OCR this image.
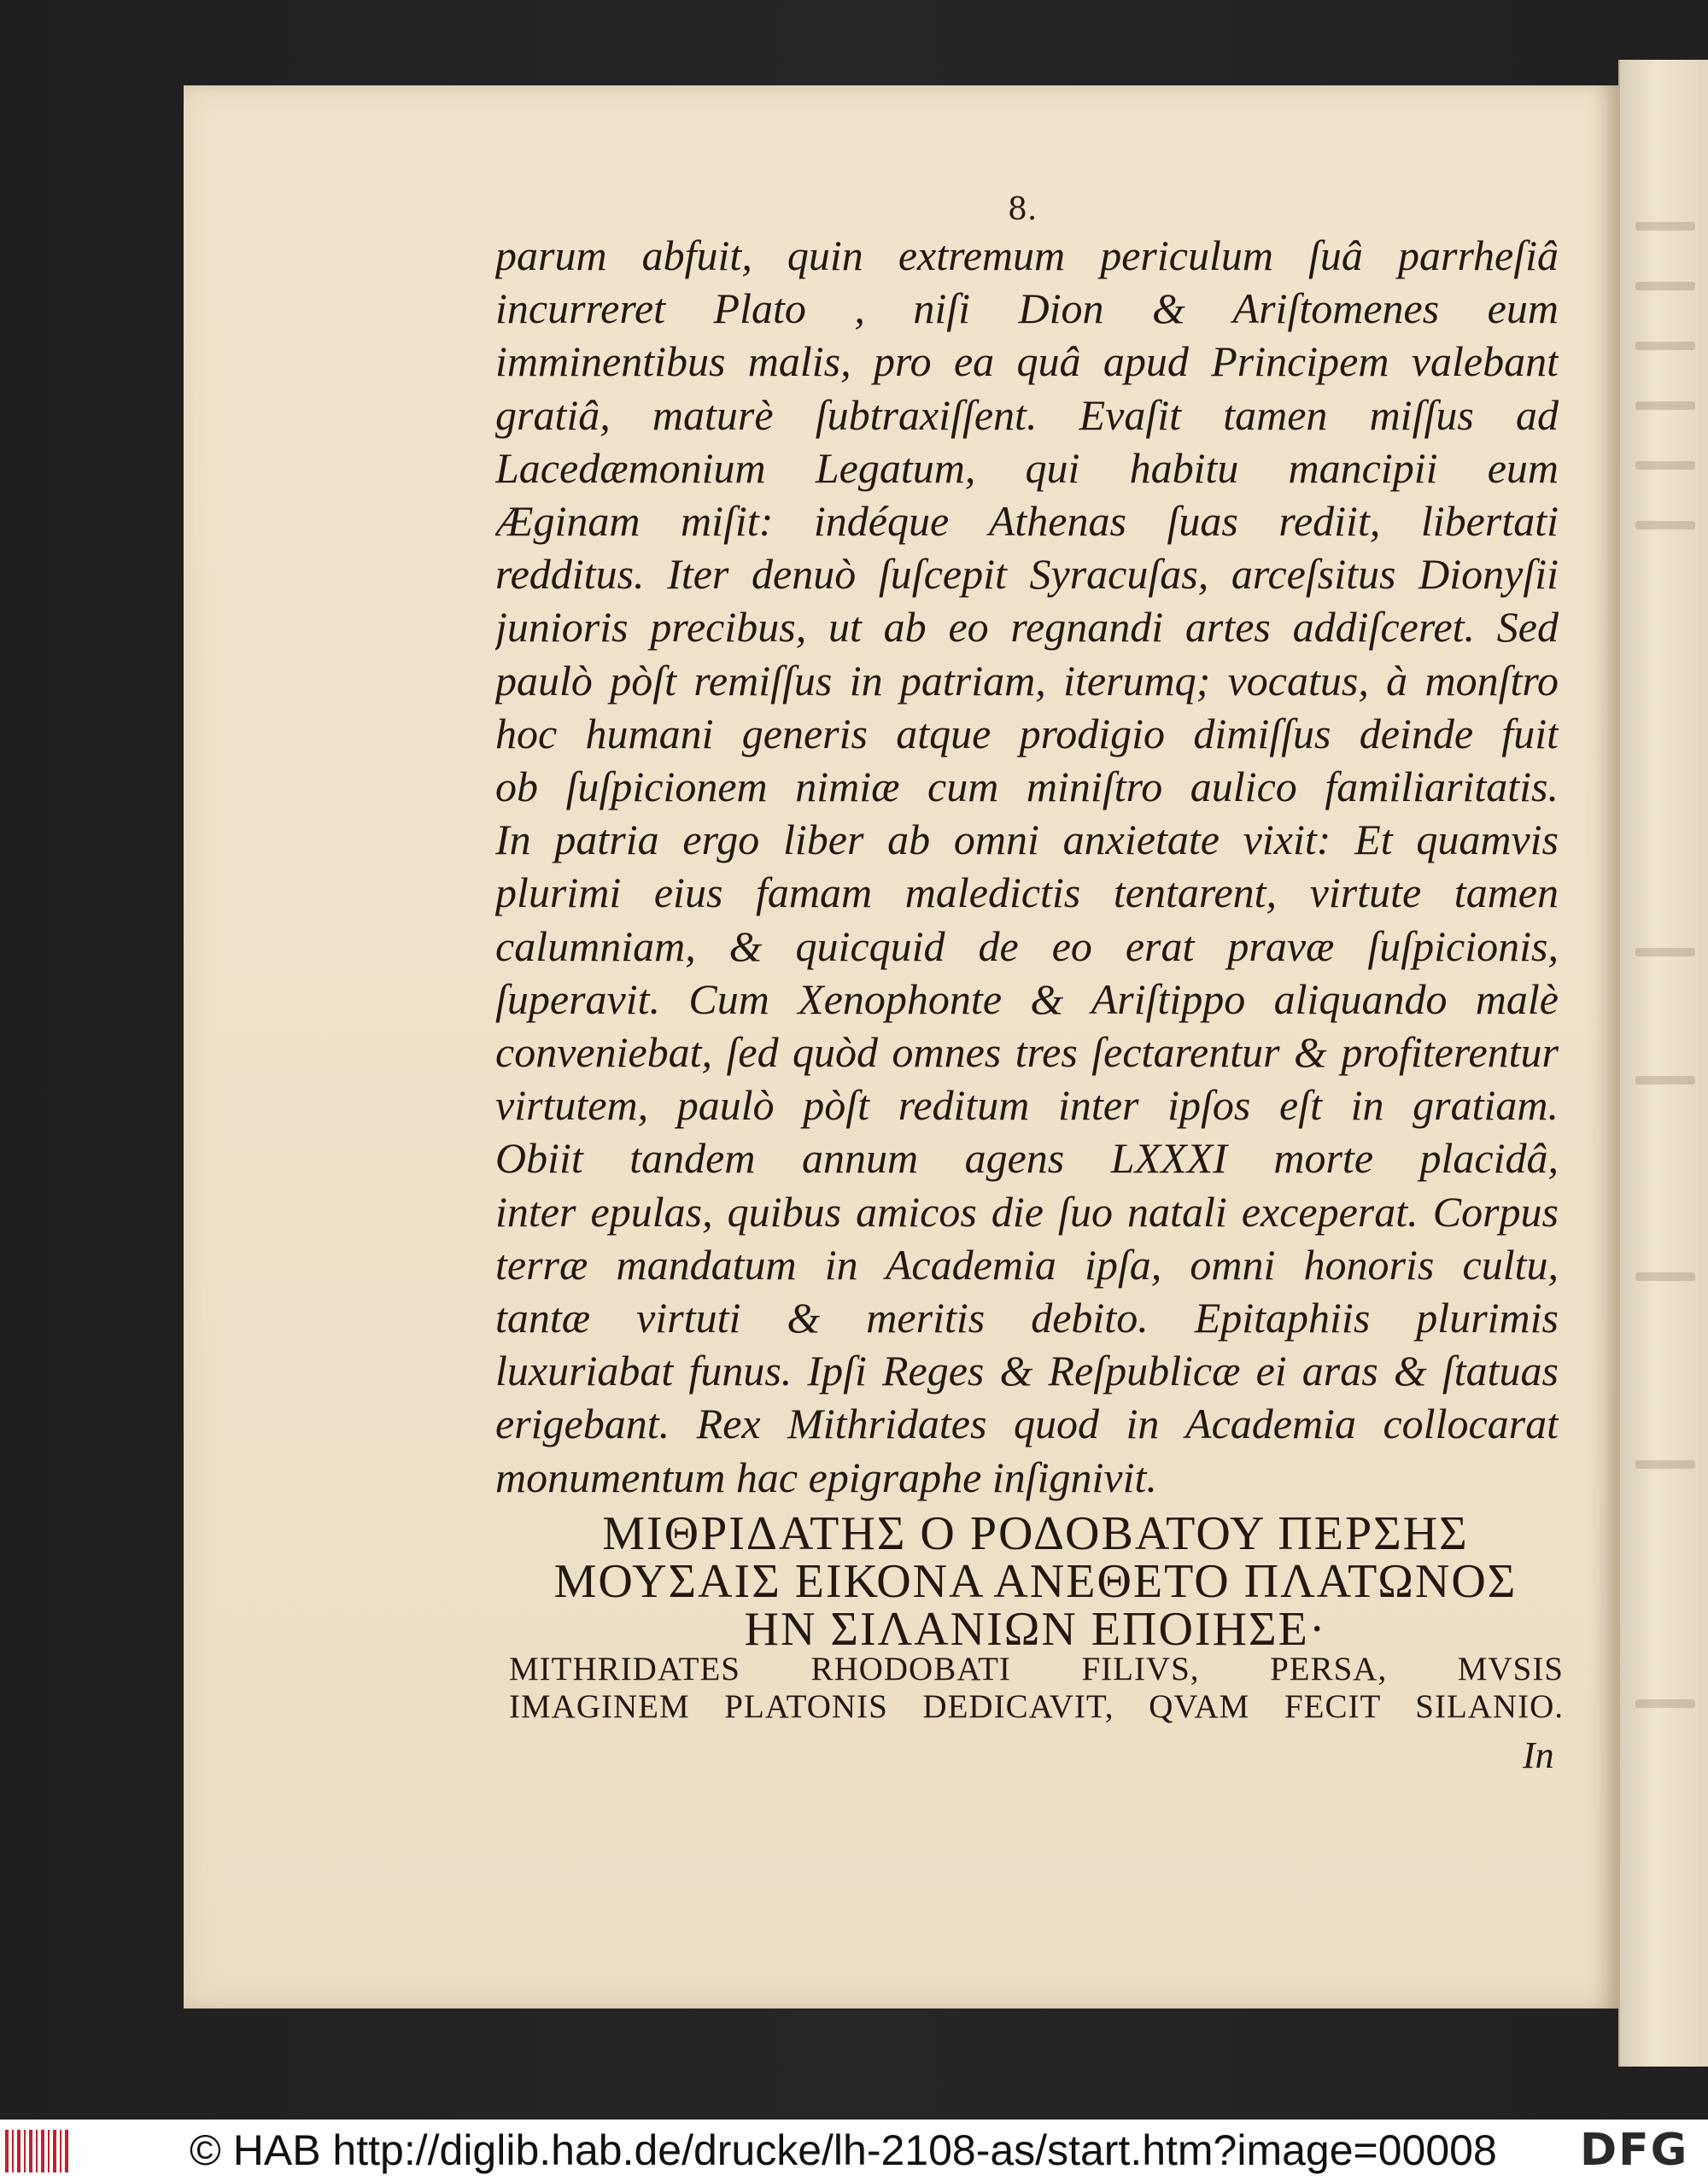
8.
parum abfuit, quin extremum periculum ſuâ parrheſiâ
incurreret Plato , niſi Dion & Ariſtomenes eum
imminentibus malis, pro ea quâ apud Principem valebant
gratiâ, maturè ſubtraxiſſent. Evaſit tamen miſſus ad
Lacedæmonium Legatum, qui habitu mancipii eum
Æginam miſit: indéque Athenas ſuas rediit, libertati
redditus. Iter denuò ſuſcepit Syracuſas, arceſsitus Dionyſii
junioris precibus, ut ab eo regnandi artes addiſceret. Sed
paulò pòſt remiſſus in patriam, iterumq; vocatus, à monſtro
hoc humani generis atque prodigio dimiſſus deinde fuit
ob ſuſpicionem nimiæ cum miniſtro aulico familiaritatis.
In patria ergo liber ab omni anxietate vixit: Et quamvis
plurimi eius famam maledictis tentarent, virtute tamen
calumniam, & quicquid de eo erat pravæ ſuſpicionis,
ſuperavit. Cum Xenophonte & Ariſtippo aliquando malè
conveniebat, ſed quòd omnes tres ſectarentur & profiterentur
virtutem, paulò pòſt reditum inter ipſos eſt in gratiam.
Obiit tandem annum agens LXXXI morte placidâ,
inter epulas, quibus amicos die ſuo natali exceperat. Corpus
terræ mandatum in Academia ipſa, omni honoris cultu,
tantæ virtuti & meritis debito. Epitaphiis plurimis
luxuriabat funus. Ipſi Reges & Reſpublicæ ei aras & ſtatuas
erigebant. Rex Mithridates quod in Academia collocarat
monumentum hac epigraphe inſignivit.
ΜΙΘΡΙΔΑΤΗΣ Ο ΡΟΔΟΒΑΤΟΥ ΠΕΡΣΗΣ
ΜΟΥΣΑΙΣ ΕΙΚΟΝΑ ΑΝΕΘΕΤΟ ΠΛΑΤΩΝΟΣ
ΗΝ ΣΙΛΑΝΙΩΝ ΕΠΟΙΗΣΕ·
MITHRIDATES RHODOBATI FILIVS, PERSA, MVSIS
IMAGINEM PLATONIS DEDICAVIT, QVAM FECIT SILANIO.
In
© HAB http://diglib.hab.de/drucke/lh-2108-as/start.htm?image=00008 DFG
